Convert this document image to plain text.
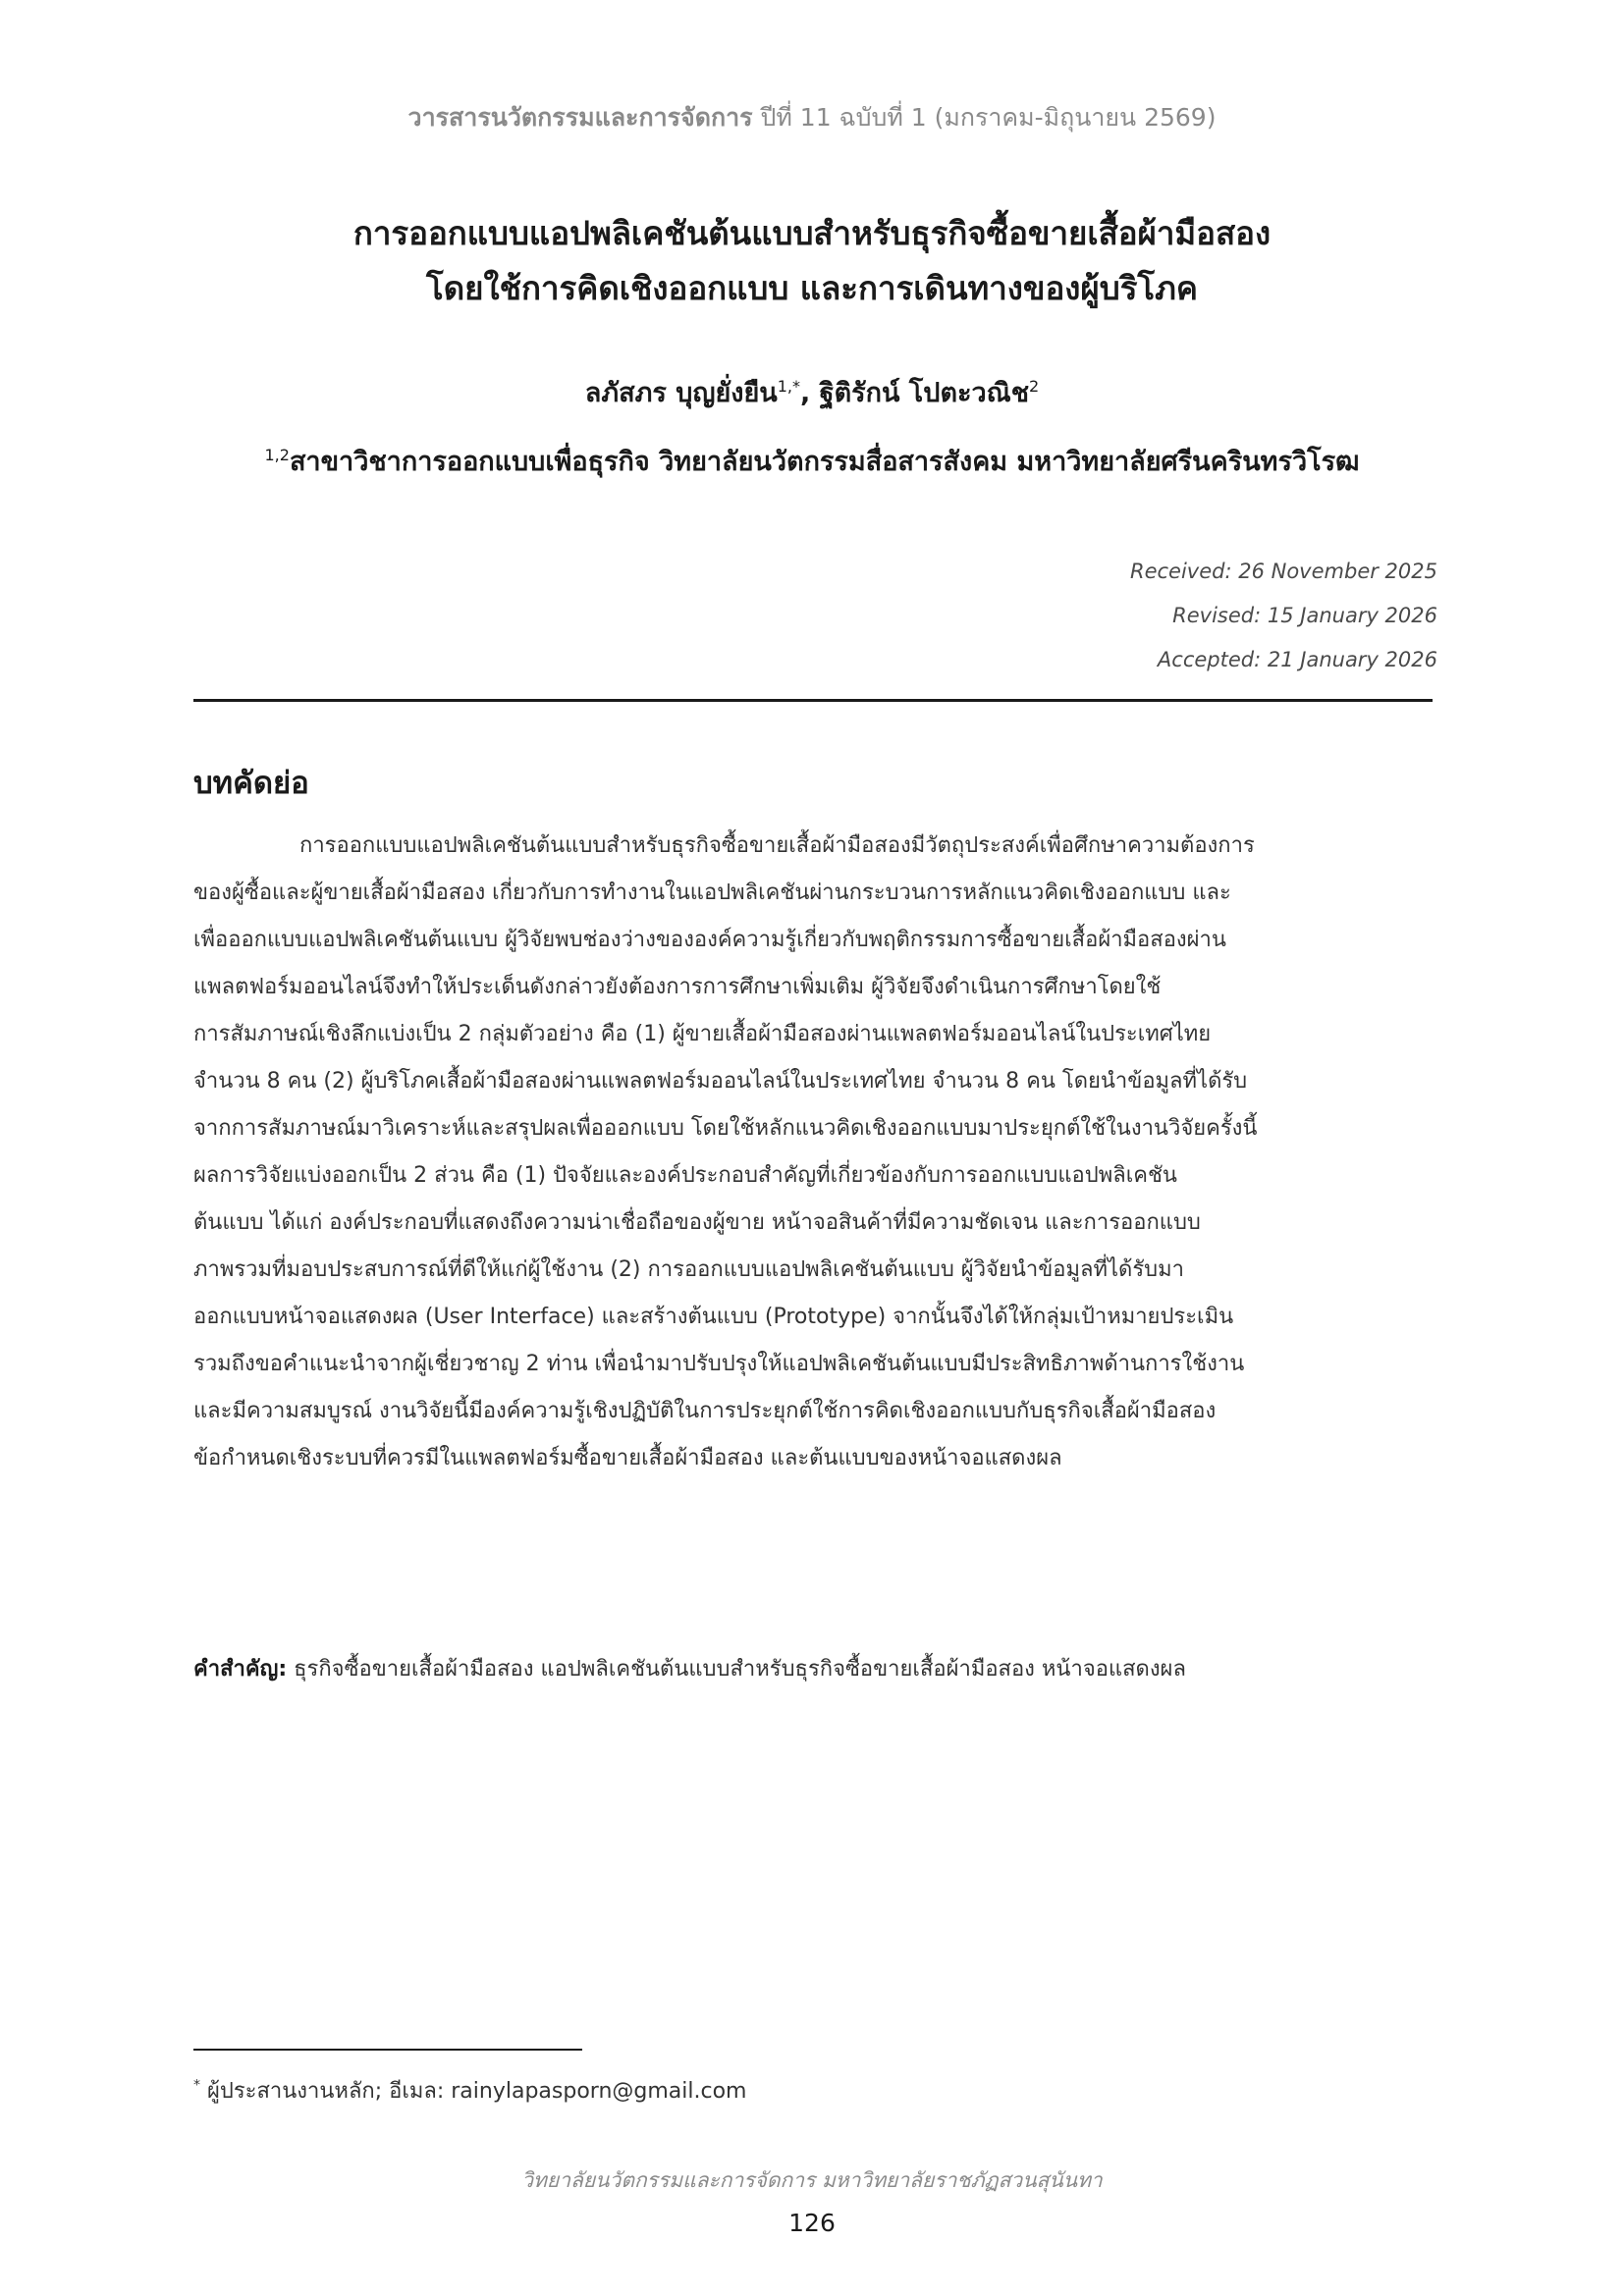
วารสารนวัตกรรมและการจัดการ ปีที่ 11 ฉบับที่ 1 (มกราคม-มิถุนายน 2569)
การออกแบบแอปพลิเคชันต้นแบบสำหรับธุรกิจซื้อขายเสื้อผ้ามือสอง
โดยใช้การคิดเชิงออกแบบ และการเดินทางของผู้บริโภค
ลภัสภร บุญยั่งยืน$^{1,*}$, ฐิติรักน์ โปตะวณิช$^2$
$^{1,2}$สาขาวิชาการออกแบบเพื่อธุรกิจ วิทยาลัยนวัตกรรมสื่อสารสังคม มหาวิทยาลัยศรีนครินทรวิโรฒ
Received: 26 November 2025
Revised: 15 January 2026
Accepted: 21 January 2026
บทคัดย่อ
การออกแบบแอปพลิเคชันต้นแบบสำหรับธุรกิจซื้อขายเสื้อผ้ามือสองมีวัตถุประสงค์เพื่อศึกษาความต้องการ
ของผู้ซื้อและผู้ขายเสื้อผ้ามือสอง เกี่ยวกับการทำงานในแอปพลิเคชันผ่านกระบวนการหลักแนวคิดเชิงออกแบบ และ
เพื่อออกแบบแอปพลิเคชันต้นแบบ ผู้วิจัยพบช่องว่างขององค์ความรู้เกี่ยวกับพฤติกรรมการซื้อขายเสื้อผ้ามือสองผ่าน
แพลตฟอร์มออนไลน์จึงทำให้ประเด็นดังกล่าวยังต้องการการศึกษาเพิ่มเติม ผู้วิจัยจึงดำเนินการศึกษาโดยใช้
การสัมภาษณ์เชิงลึกแบ่งเป็น 2 กลุ่มตัวอย่าง คือ (1) ผู้ขายเสื้อผ้ามือสองผ่านแพลตฟอร์มออนไลน์ในประเทศไทย
จำนวน 8 คน (2) ผู้บริโภคเสื้อผ้ามือสองผ่านแพลตฟอร์มออนไลน์ในประเทศไทย จำนวน 8 คน โดยนำข้อมูลที่ได้รับ
จากการสัมภาษณ์มาวิเคราะห์และสรุปผลเพื่อออกแบบ โดยใช้หลักแนวคิดเชิงออกแบบมาประยุกต์ใช้ในงานวิจัยครั้งนี้
ผลการวิจัยแบ่งออกเป็น 2 ส่วน คือ (1) ปัจจัยและองค์ประกอบสำคัญที่เกี่ยวข้องกับการออกแบบแอปพลิเคชัน
ต้นแบบ ได้แก่ องค์ประกอบที่แสดงถึงความน่าเชื่อถือของผู้ขาย หน้าจอสินค้าที่มีความชัดเจน และการออกแบบ
ภาพรวมที่มอบประสบการณ์ที่ดีให้แก่ผู้ใช้งาน (2) การออกแบบแอปพลิเคชันต้นแบบ ผู้วิจัยนำข้อมูลที่ได้รับมา
ออกแบบหน้าจอแสดงผล (User Interface) และสร้างต้นแบบ (Prototype) จากนั้นจึงได้ให้กลุ่มเป้าหมายประเมิน
รวมถึงขอคำแนะนำจากผู้เชี่ยวชาญ 2 ท่าน เพื่อนำมาปรับปรุงให้แอปพลิเคชันต้นแบบมีประสิทธิภาพด้านการใช้งาน
และมีความสมบูรณ์ งานวิจัยนี้มีองค์ความรู้เชิงปฏิบัติในการประยุกต์ใช้การคิดเชิงออกแบบกับธุรกิจเสื้อผ้ามือสอง
ข้อกำหนดเชิงระบบที่ควรมีในแพลตฟอร์มซื้อขายเสื้อผ้ามือสอง และต้นแบบของหน้าจอแสดงผล
คำสำคัญ: ธุรกิจซื้อขายเสื้อผ้ามือสอง แอปพลิเคชันต้นแบบสำหรับธุรกิจซื้อขายเสื้อผ้ามือสอง หน้าจอแสดงผล
* ผู้ประสานงานหลัก; อีเมล: rainylapasporn@gmail.com
วิทยาลัยนวัตกรรมและการจัดการ มหาวิทยาลัยราชภัฏสวนสุนันทา
126
